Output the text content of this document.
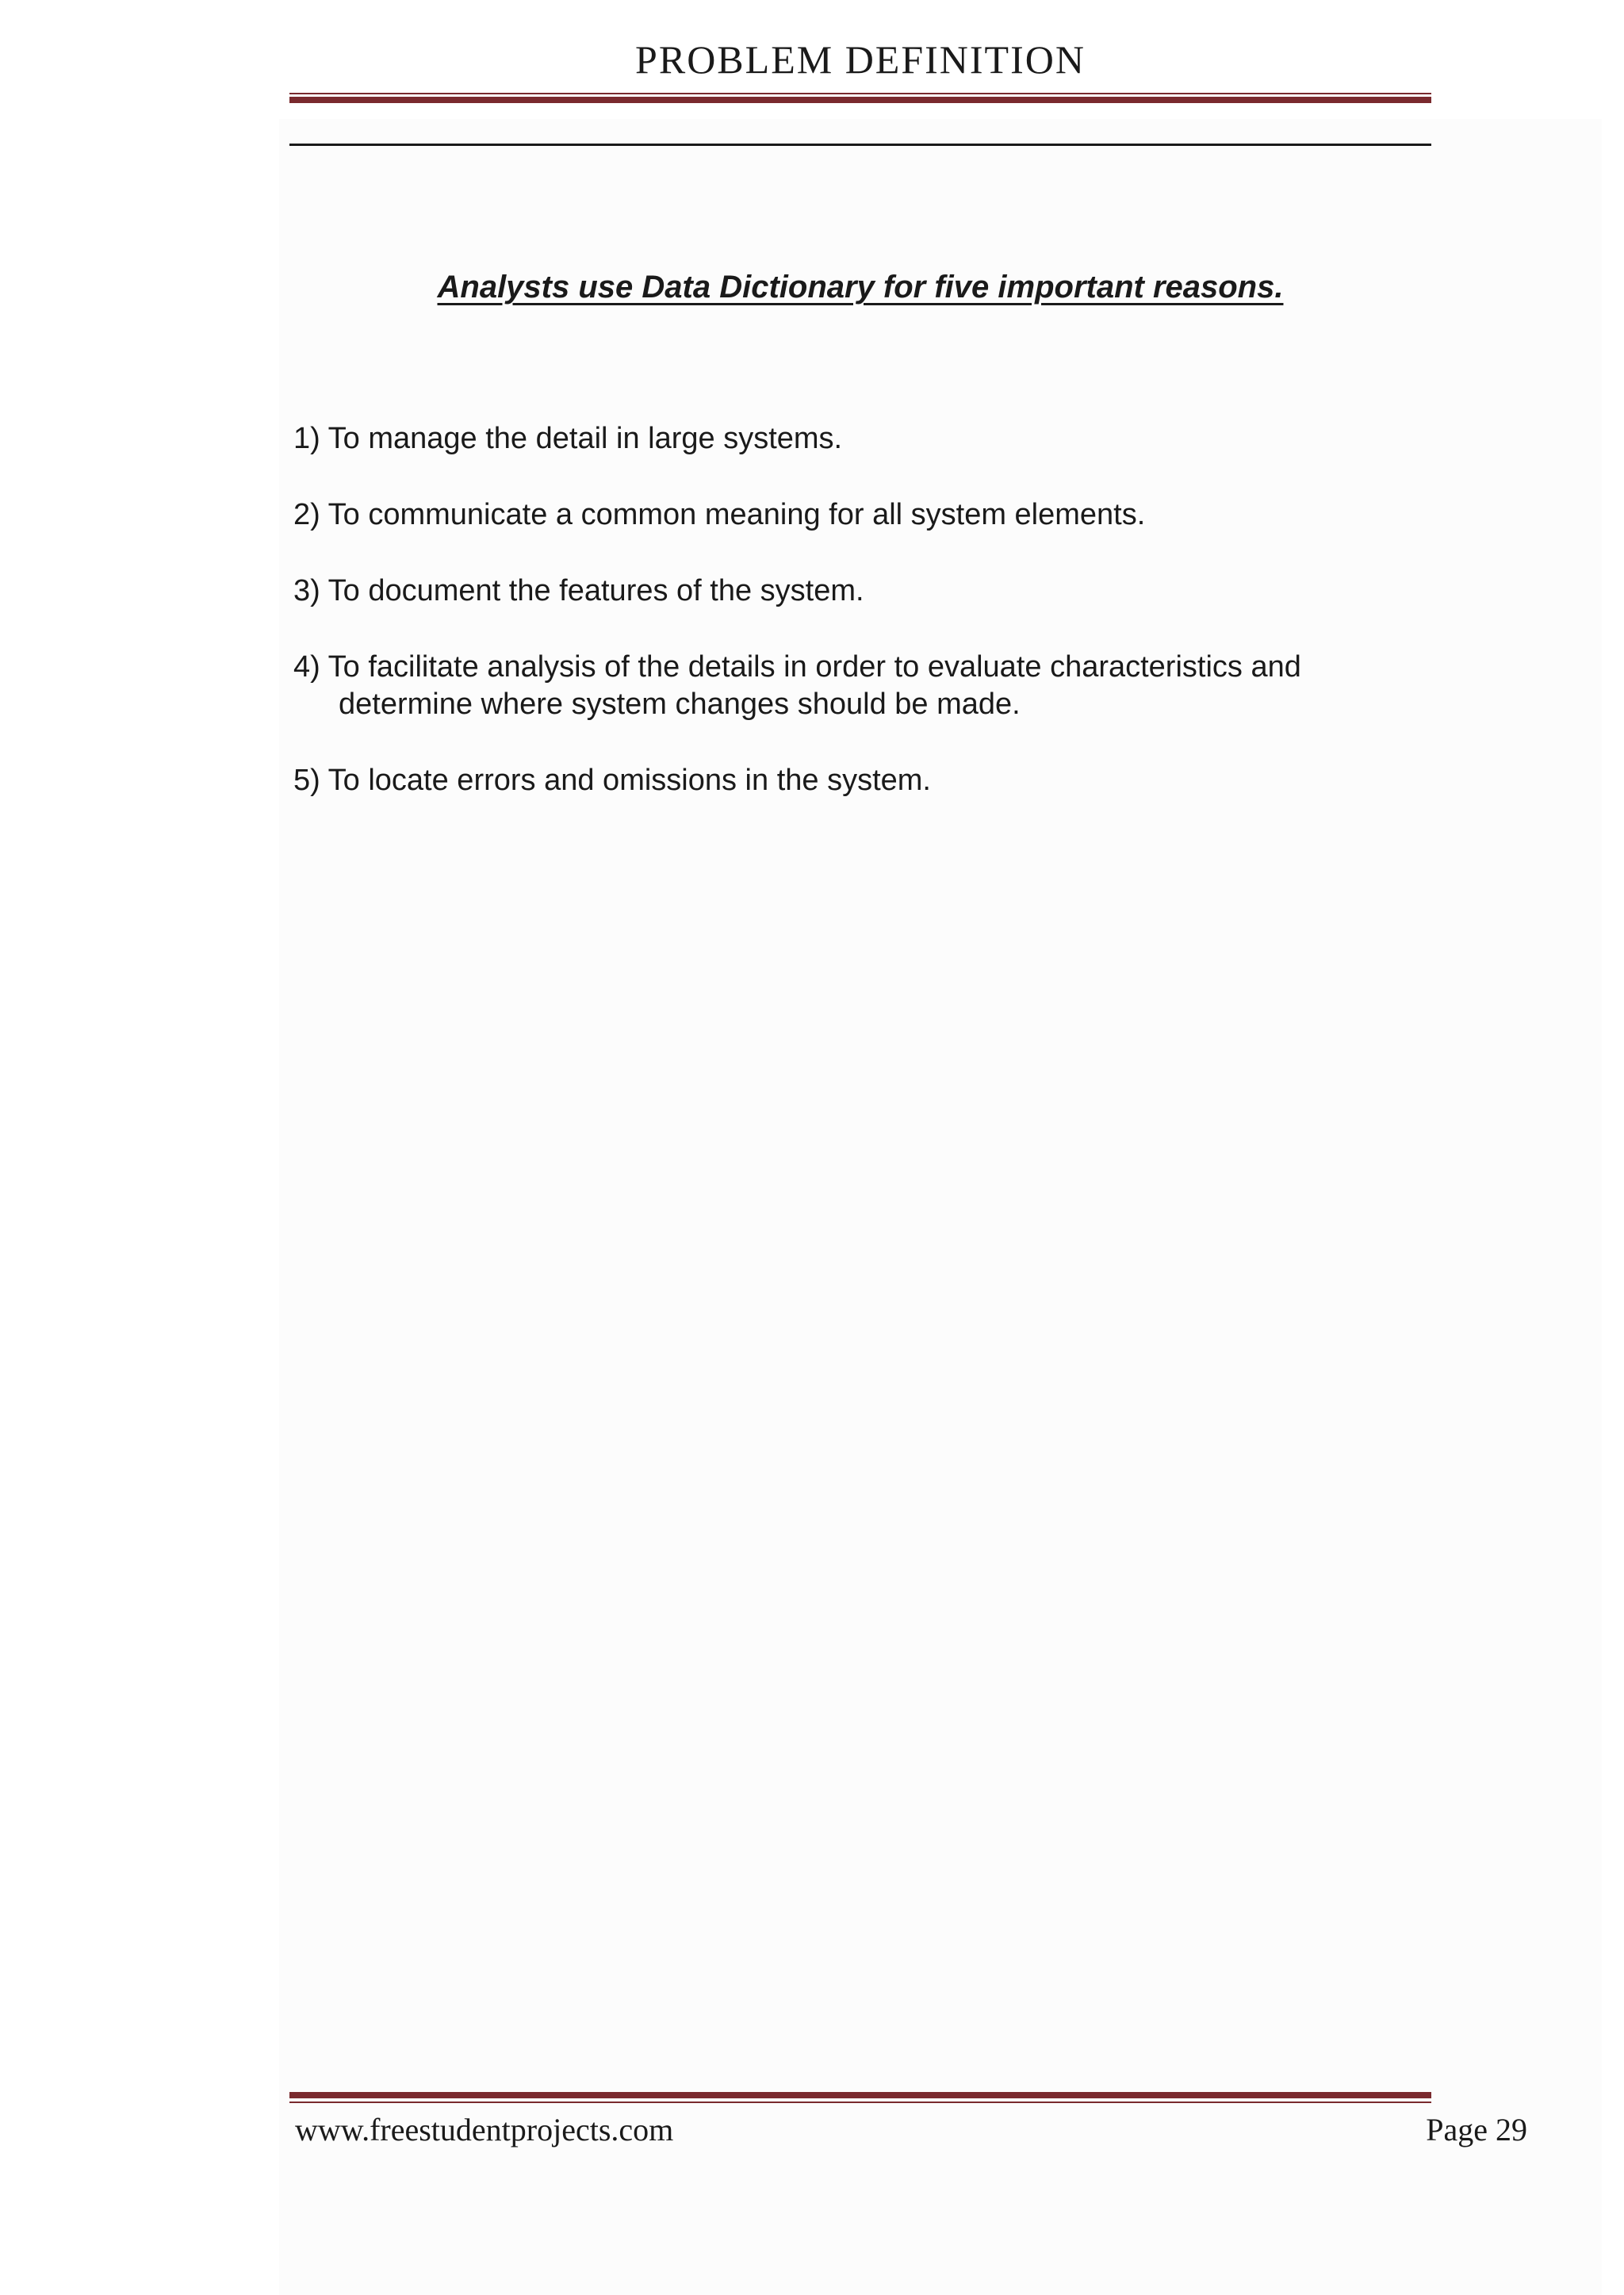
PROBLEM DEFINITION
Analysts use Data Dictionary for five important reasons.
1) To manage the detail in large systems.
2) To communicate a common meaning for all system elements.
3) To document the features of the system.
4) To facilitate analysis of the details in order to evaluate characteristics and determine where system changes should be made.
5) To locate errors and omissions in the system.
www.freestudentprojects.com	Page 29
